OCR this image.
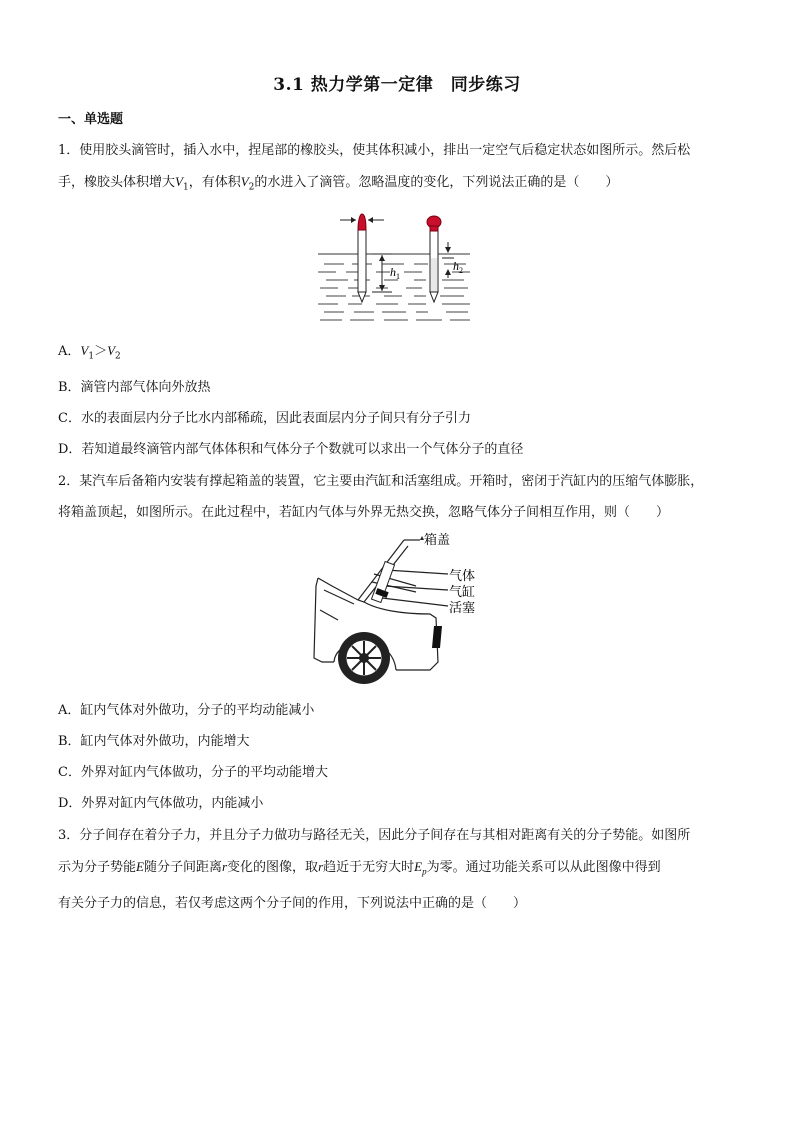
3.1 热力学第一定律　同步练习
一、单选题
1．使用胶头滴管时，插入水中，捏尾部的橡胶头，使其体积减小，排出一定空气后稳定状态如图所示。然后松
手，橡胶头体积增大$V_1$，有体积$V_2$的水进入了滴管。忽略温度的变化，下列说法正确的是（　　）
$h_1$
$h_2$
A．$V_1>V_2$
B．滴管内部气体向外放热
C．水的表面层内分子比水内部稀疏，因此表面层内分子间只有分子引力
D．若知道最终滴管内部气体体积和气体分子个数就可以求出一个气体分子的直径
2．某汽车后备箱内安装有撑起箱盖的装置，它主要由汽缸和活塞组成。开箱时，密闭于汽缸内的压缩气体膨胀，
将箱盖顶起，如图所示。在此过程中，若缸内气体与外界无热交换，忽略气体分子间相互作用，则（　　）
箱盖
气体
气缸
活塞
A．缸内气体对外做功，分子的平均动能减小
B．缸内气体对外做功，内能增大
C．外界对缸内气体做功，分子的平均动能增大
D．外界对缸内气体做功，内能减小
3．分子间存在着分子力，并且分子力做功与路径无关，因此分子间存在与其相对距离有关的分子势能。如图所
示为分子势能E随分子间距离r变化的图像，取r趋近于无穷大时$E_p$为零。通过功能关系可以从此图像中得到
有关分子力的信息，若仅考虑这两个分子间的作用，下列说法中正确的是（　　）
